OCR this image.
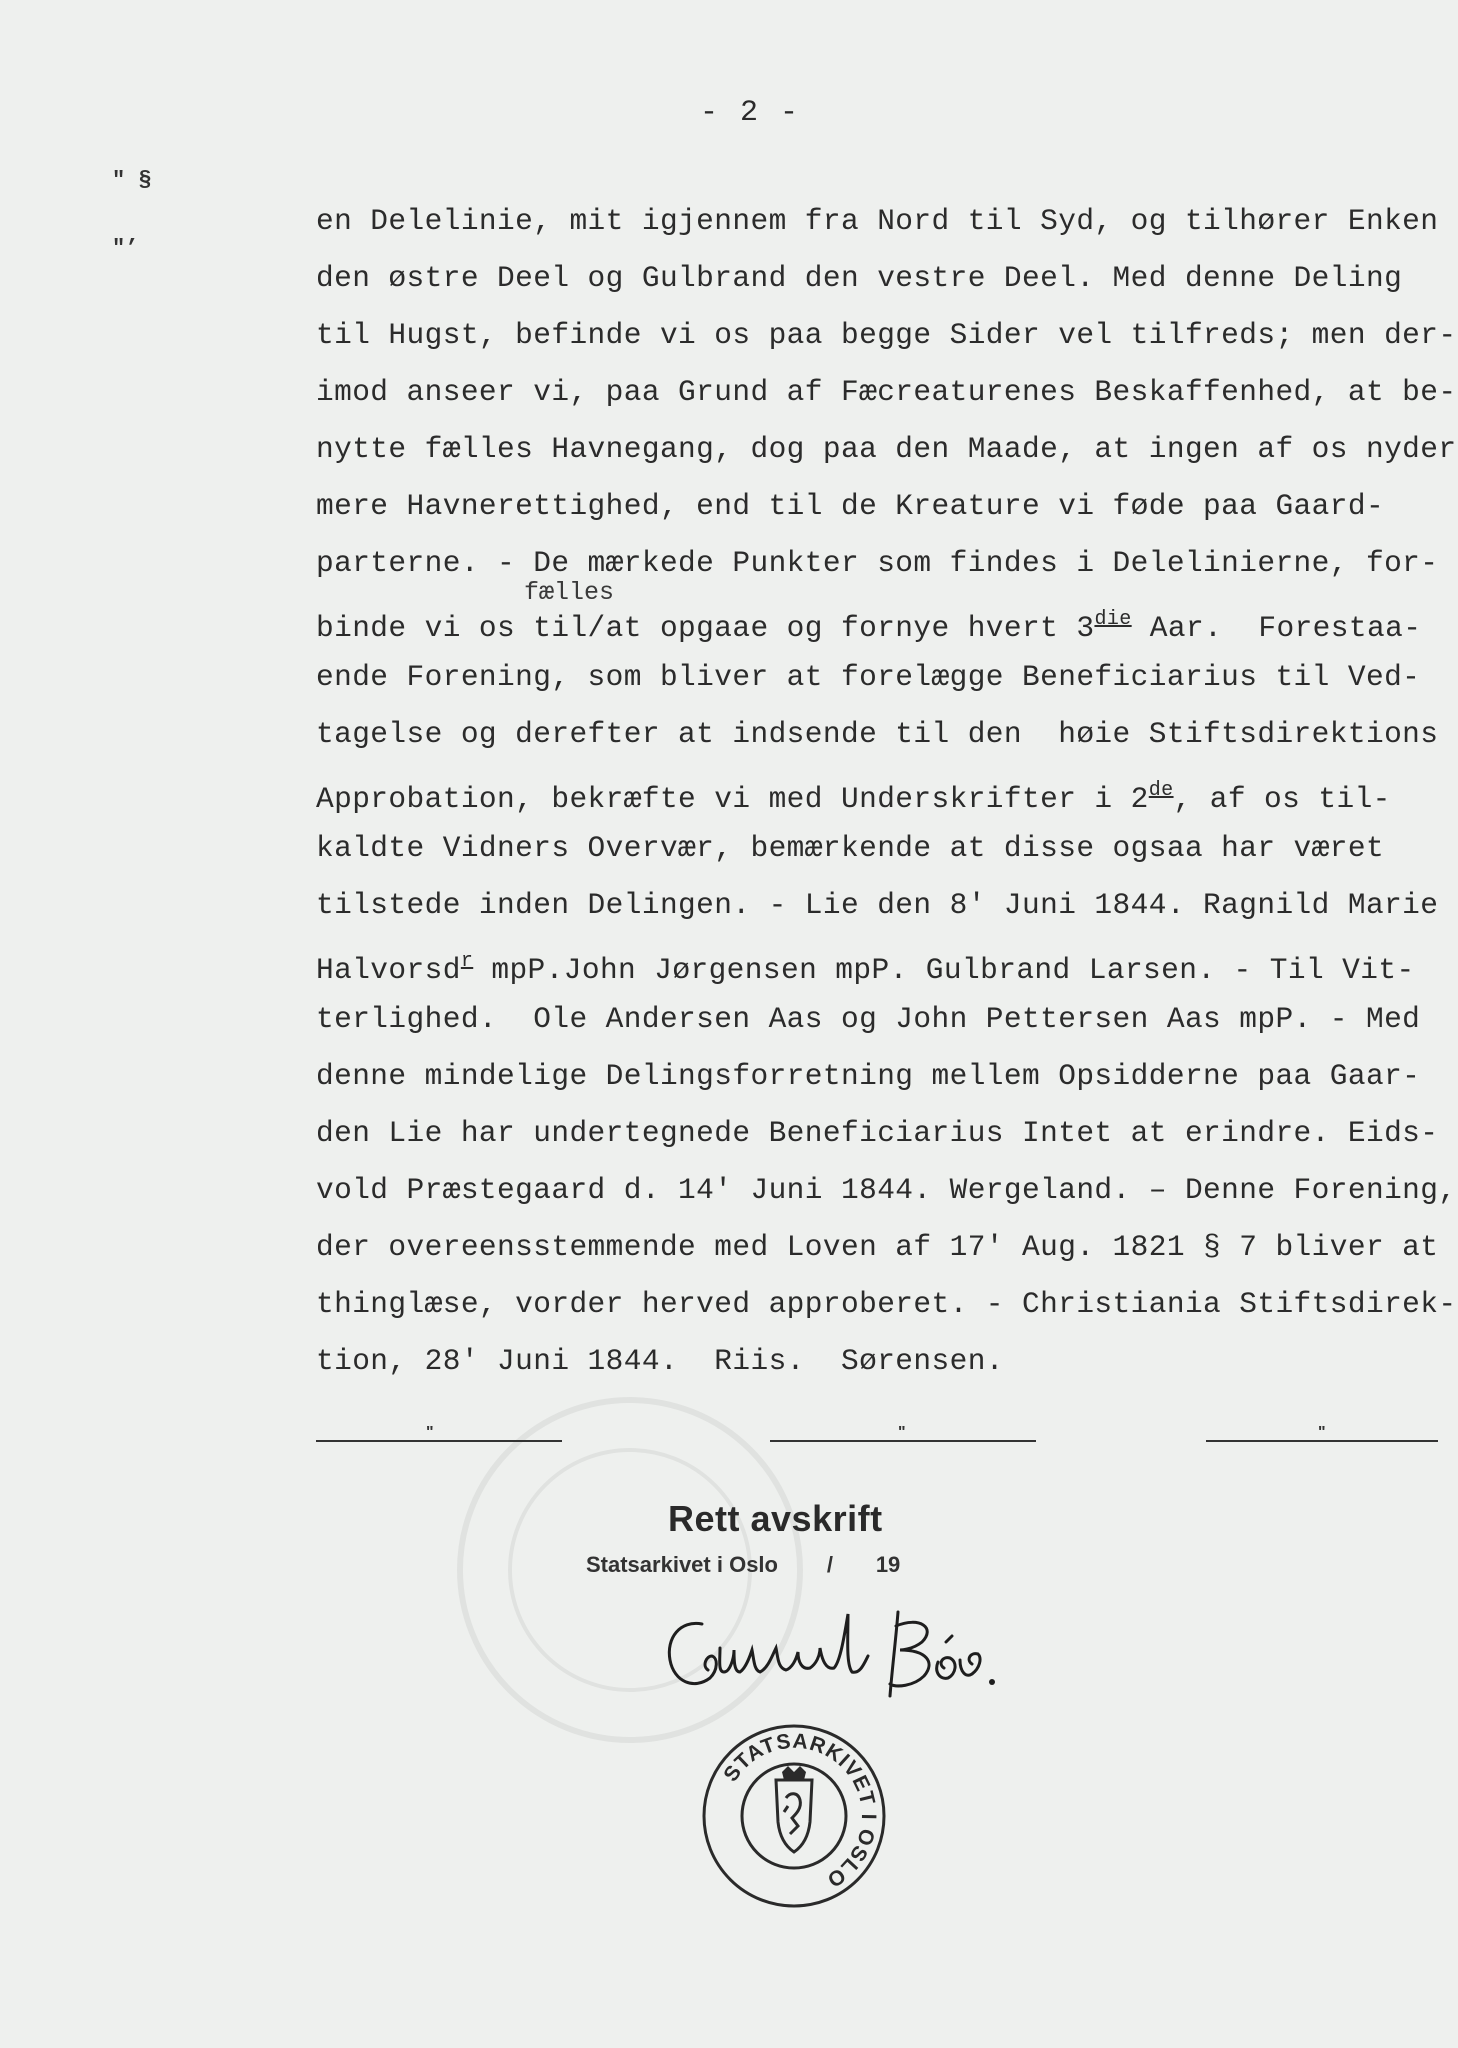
- 2 -
" §
"’
fælles
en Delelinie, mit igjennem fra Nord til Syd, og tilhører Enken
den østre Deel og Gulbrand den vestre Deel. Med denne Deling
til Hugst, befinde vi os paa begge Sider vel tilfreds; men der-
imod anseer vi, paa Grund af Fæcreaturenes Beskaffenhed, at be-
nytte fælles Havnegang, dog paa den Maade, at ingen af os nyder
mere Havnerettighed, end til de Kreature vi føde paa Gaard-
parterne. - De mærkede Punkter som findes i Delelinierne, for-
binde vi os til/at opgaae og fornye hvert $3^{die}$ Aar.  Forestaa-
ende Forening, som bliver at forelægge Beneficiarius til Ved-
tagelse og derefter at indsende til den  høie Stiftsdirektions
Approbation, bekræfte vi med Underskrifter i 2de, af os til-
kaldte Vidners Overvær, bemærkende at disse ogsaa har været
tilstede inden Delingen. - Lie den 8' Juni 1844. Ragnild Marie
Halvorsd$^r$ mpP.John Jørgensen mpP. Gulbrand Larsen. - Til Vit-
terlighed.  Ole Andersen Aas og John Pettersen Aas mpP. - Med
denne mindelige Delingsforretning mellem Opsidderne paa Gaar-
den Lie har undertegnede Beneficiarius Intet at erindre. Eids-
vold Præstegaard d. 14' Juni 1844. Wergeland. – Denne Forening,
der overeensstemmende med Loven af 17' Aug. 1821 § 7 bliver at
thinglæse, vorder herved approberet. - Christiania Stiftsdirek-
tion, 28' Juni 1844.  Riis.  Sørensen.
"	"	"
Rett avskrift
Statsarkivet i Oslo / 19
STATSARKIVET I OSLO
